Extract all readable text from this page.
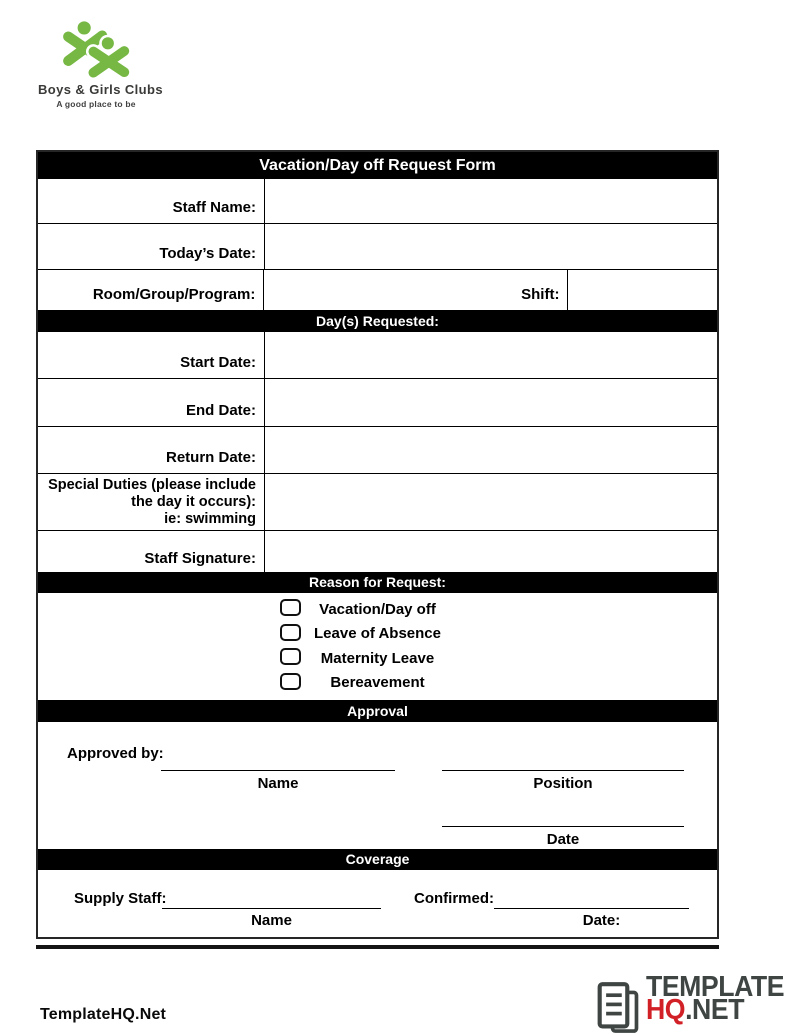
Boys & Girls Clubs
A good place to be
Vacation/Day off Request Form
Staff Name:
Today’s Date:
Room/Group/Program:	Shift:
Day(s) Requested:
Start Date:
End Date:
Return Date:
Special Duties (please include
the day it occurs):
ie: swimming
Staff Signature:
Reason for Request:
Vacation/Day off
Leave of Absence
Maternity Leave
Bereavement
Approval
Approved by:
Name	Position
Date
Coverage
Supply Staff:
Name
Confirmed:
Date:
TemplateHQ.Net
TEMPLATE
HQ.NET
